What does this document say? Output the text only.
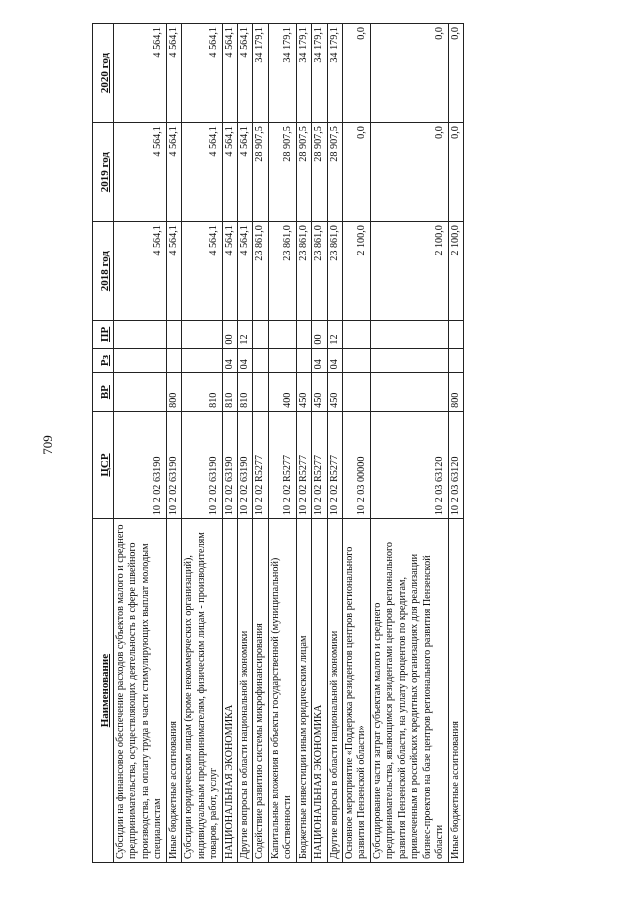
709
Наименование	ЦСР	ВР	Рз	ПР	2018 год	2019 год	2020 год
Субсидии на финансовое обеспечение расходов субъектов малого и среднего предпринимательства, осуществляющих деятельность в сфере швейного производства, на оплату труда в части стимулирующих выплат молодым специалистам	10 2 02 63190				4 564,1	4 564,1	4 564,1
Иные бюджетные ассигнования	10 2 02 63190	800			4 564,1	4 564,1	4 564,1
Субсидии юридическим лицам (кроме некоммерческих организаций), индивидуальным предпринимателям, физическим лицам - производителям товаров, работ, услуг	10 2 02 63190	810			4 564,1	4 564,1	4 564,1
НАЦИОНАЛЬНАЯ ЭКОНОМИКА	10 2 02 63190	810	04	00	4 564,1	4 564,1	4 564,1
Другие вопросы в области национальной экономики	10 2 02 63190	810	04	12	4 564,1	4 564,1	4 564,1
Содействие развитию системы микрофинансирования	10 2 02 R5277				23 861,0	28 907,5	34 179,1
Капитальные вложения в объекты государственной (муниципальной) собственности	10 2 02 R5277	400			23 861,0	28 907,5	34 179,1
Бюджетные инвестиции иным юридическим лицам	10 2 02 R5277	450			23 861,0	28 907,5	34 179,1
НАЦИОНАЛЬНАЯ ЭКОНОМИКА	10 2 02 R5277	450	04	00	23 861,0	28 907,5	34 179,1
Другие вопросы в области национальной экономики	10 2 02 R5277	450	04	12	23 861,0	28 907,5	34 179,1
Основное мероприятие «Поддержка резидентов центров регионального развития Пензенской области»	10 2 03 00000				2 100,0	0,0	0,0
Субсидирование части затрат субъектам малого и среднего предпринимательства, являющимся резидентами центров регионального развития Пензенской области, на уплату процентов по кредитам, привлеченным в российских кредитных организациях для реализации бизнес-проектов на базе центров регионального развития Пензенской области	10 2 03 63120				2 100,0	0,0	0,0
Иные бюджетные ассигнования	10 2 03 63120	800			2 100,0	0,0	0,0
